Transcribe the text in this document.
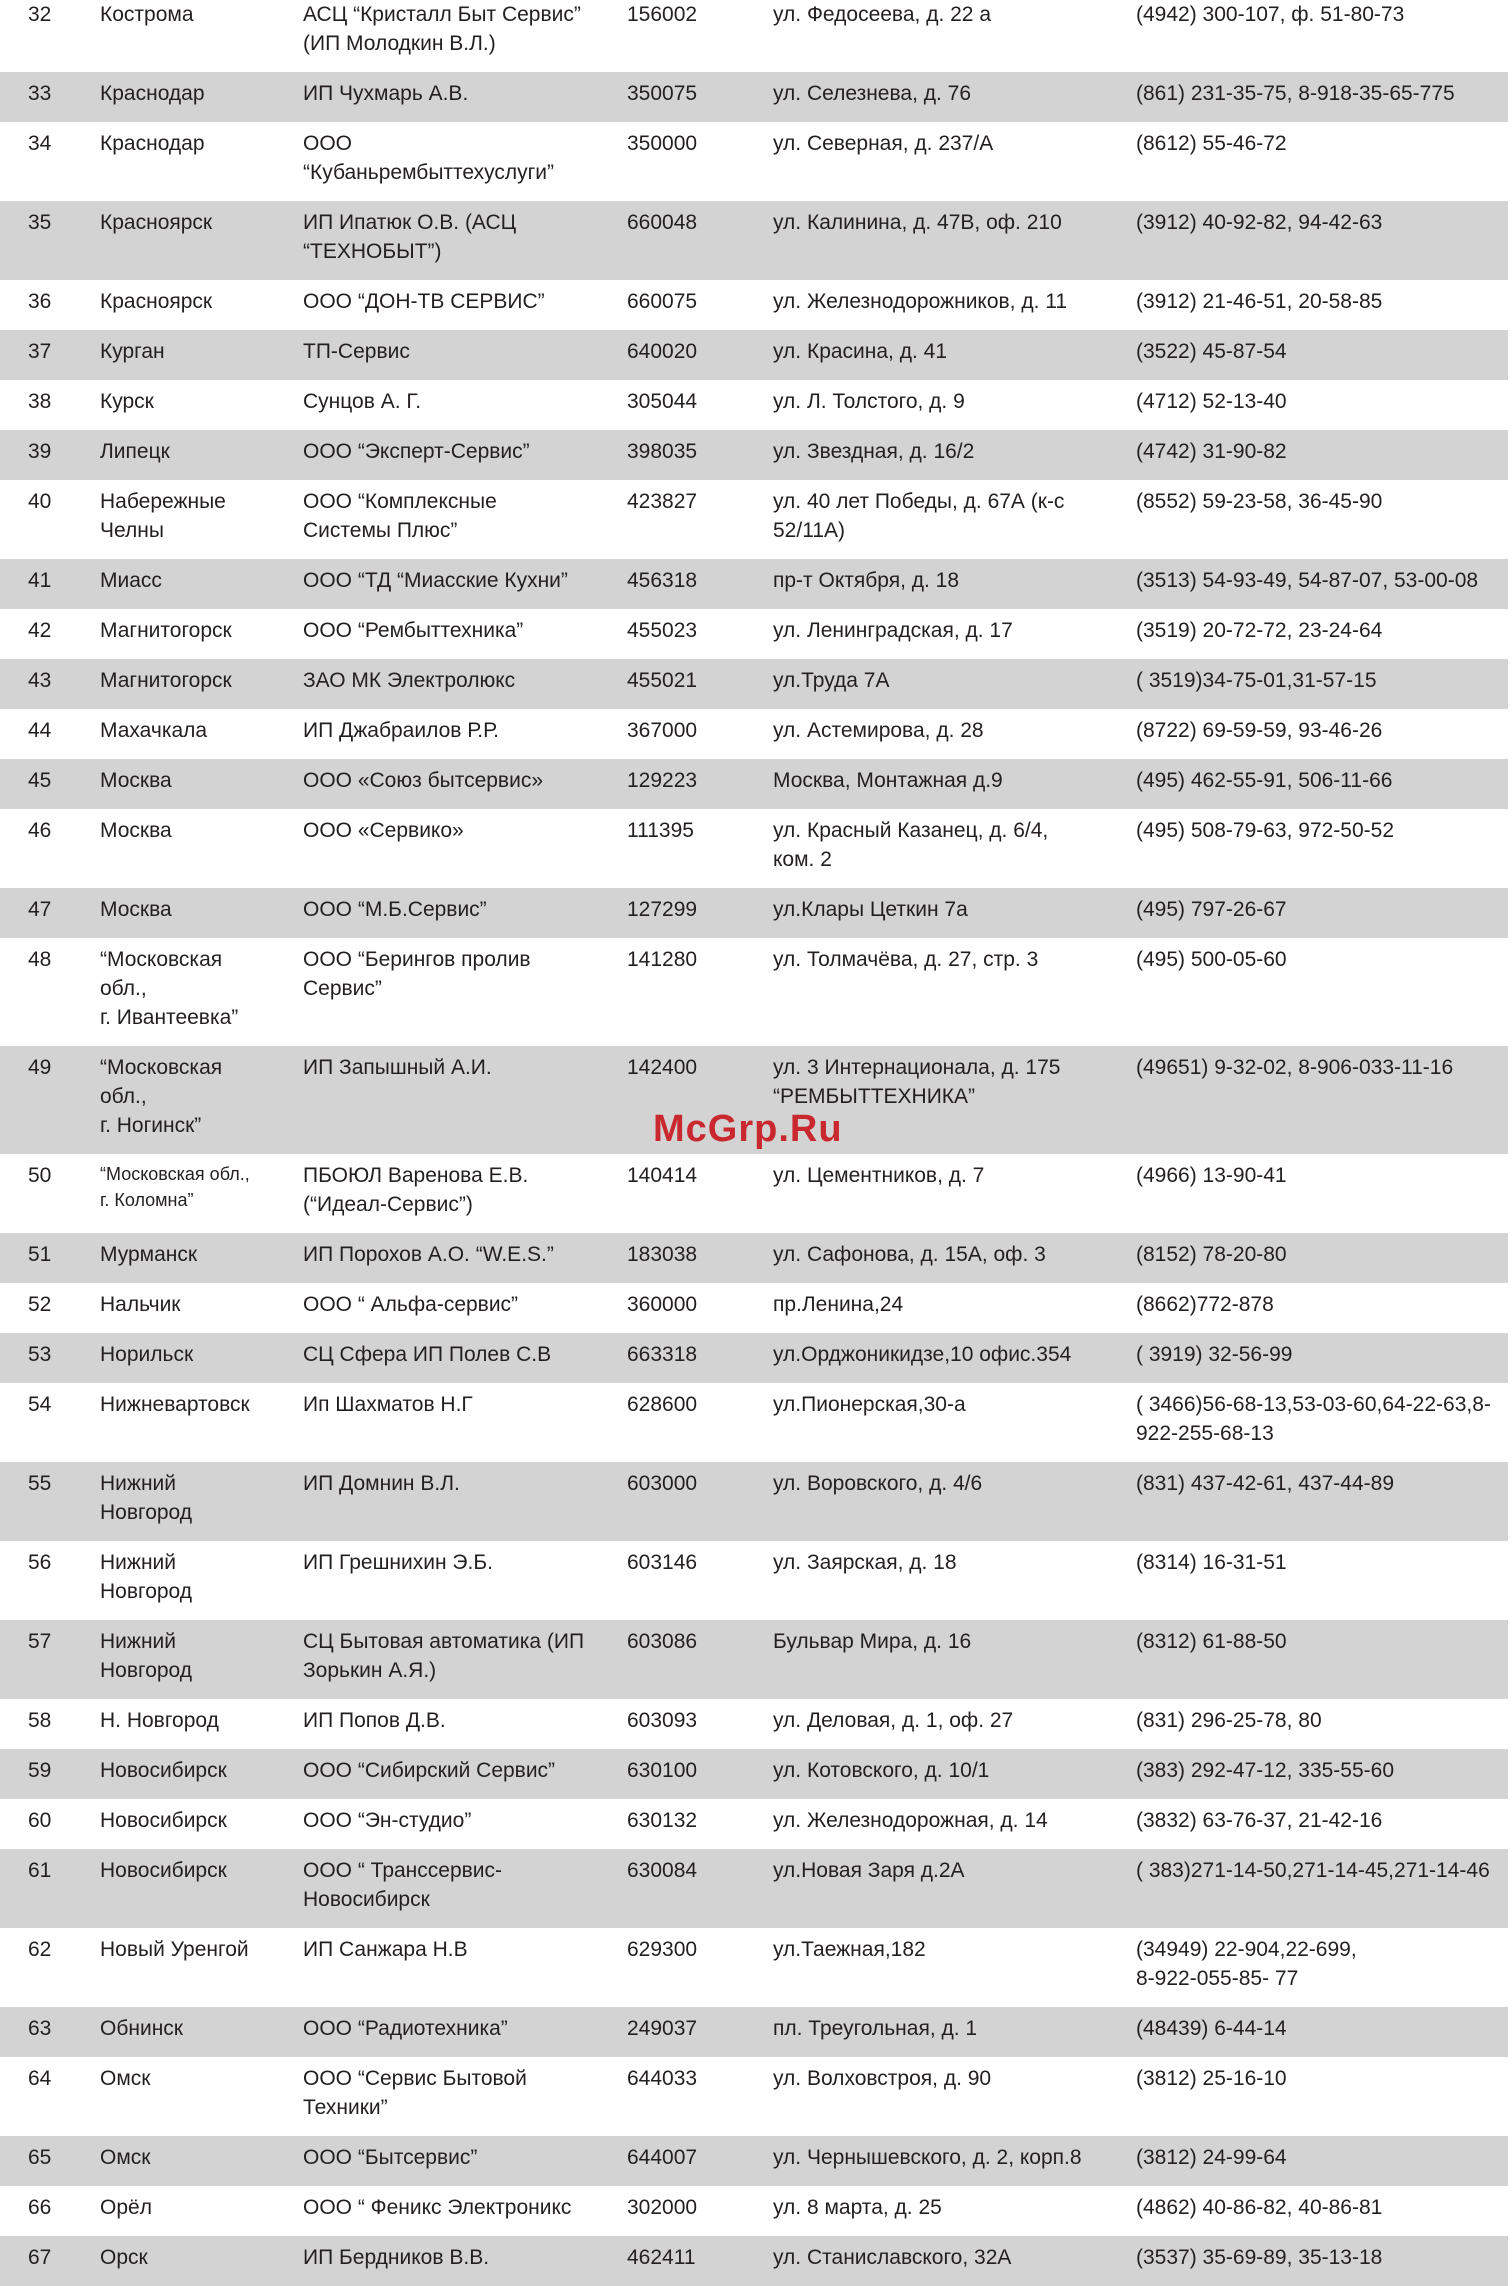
32	Кострома	АСЦ “Кристалл Быт Сервис”
(ИП Молодкин В.Л.)	156002	ул. Федосеева, д. 22 а	(4942) 300-107, ф. 51-80-73
33	Краснодар	ИП Чухмарь А.В.	350075	ул. Селезнева, д. 76	(861) 231-35-75, 8-918-35-65-775
34	Краснодар	ООО
“Кубаньрембыттехуслуги”	350000	ул. Северная, д. 237/А	(8612) 55-46-72
35	Красноярск	ИП Ипатюк О.В. (АСЦ
“ТЕХНОБЫТ”)	660048	ул. Калинина, д. 47В, оф. 210	(3912) 40-92-82, 94-42-63
36	Красноярск	ООО “ДОН-ТВ СЕРВИС”	660075	ул. Железнодорожников, д. 11	(3912) 21-46-51, 20-58-85
37	Курган	ТП-Сервис	640020	ул. Красина, д. 41	(3522) 45-87-54
38	Курск	Сунцов А. Г.	305044	ул. Л. Толстого, д. 9	(4712) 52-13-40
39	Липецк	ООО “Эксперт-Сервис”	398035	ул. Звездная, д. 16/2	(4742) 31-90-82
40	Набережные
Челны	ООО “Комплексные
Системы Плюс”	423827	ул. 40 лет Победы, д. 67А (к-с
52/11А)	(8552) 59-23-58, 36-45-90
41	Миасс	ООО “ТД “Миасские Кухни”	456318	пр-т Октября, д. 18	(3513) 54-93-49, 54-87-07, 53-00-08
42	Магнитогорск	ООО “Рембыттехника”	455023	ул. Ленинградская, д. 17	(3519) 20-72-72, 23-24-64
43	Магнитогорск	ЗАО МК Электролюкс	455021	ул.Труда 7А	( 3519)34-75-01,31-57-15
44	Махачкала	ИП Джабраилов Р.Р.	367000	ул. Астемирова, д. 28	(8722) 69-59-59, 93-46-26
45	Москва	ООО «Союз бытсервис»	129223	Москва, Монтажная д.9	(495) 462-55-91, 506-11-66
46	Москва	ООО «Сервико»	111395	ул. Красный Казанец, д. 6/4,
ком. 2	(495) 508-79-63, 972-50-52
47	Москва	ООО “М.Б.Сервис”	127299	ул.Клары Цеткин 7а	(495) 797-26-67
48	“Московская
обл.,
г. Ивантеевка”	ООО “Берингов пролив
Сервис”	141280	ул. Толмачёва, д. 27, стр. 3	(495) 500-05-60
49	“Московская
обл.,
г. Ногинск”	ИП Запышный А.И.	142400	ул. 3 Интернационала, д. 175
“РЕМБЫТТЕХНИКА”	(49651) 9-32-02, 8-906-033-11-16
50	“Московская обл.,
г. Коломна”	ПБОЮЛ Варенова Е.В.
(“Идеал-Сервис”)	140414	ул. Цементников, д. 7	(4966) 13-90-41
51	Мурманск	ИП Порохов А.О. “W.E.S.”	183038	ул. Сафонова, д. 15А, оф. 3	(8152) 78-20-80
52	Нальчик	ООО “ Альфа-сервис”	360000	пр.Ленина,24	(8662)772-878
53	Норильск	СЦ Сфера ИП Полев С.В	663318	ул.Орджоникидзе,10 офис.354	( 3919) 32-56-99
54	Нижневартовск	Ип Шахматов Н.Г	628600	ул.Пионерская,30-а	( 3466)56-68-13,53-03-60,64-22-63,8-
922-255-68-13
55	Нижний
Новгород	ИП Домнин В.Л.	603000	ул. Воровского, д. 4/6	(831) 437-42-61, 437-44-89
56	Нижний
Новгород	ИП Грешнихин Э.Б.	603146	ул. Заярская, д. 18	(8314) 16-31-51
57	Нижний
Новгород	СЦ Бытовая автоматика (ИП
Зорькин А.Я.)	603086	Бульвар Мира, д. 16	(8312) 61-88-50
58	Н. Новгород	ИП Попов Д.В.	603093	ул. Деловая, д. 1, оф. 27	(831) 296-25-78, 80
59	Новосибирск	ООО “Сибирский Сервис”	630100	ул. Котовского, д. 10/1	(383) 292-47-12, 335-55-60
60	Новосибирск	ООО “Эн-студио”	630132	ул. Железнодорожная, д. 14	(3832) 63-76-37, 21-42-16
61	Новосибирск	ООО “ Транссервис-
Новосибирск	630084	ул.Новая Заря д.2А	( 383)271-14-50,271-14-45,271-14-46
62	Новый Уренгой	ИП Санжара Н.В	629300	ул.Таежная,182	(34949) 22-904,22-699,
8-922-055-85- 77
63	Обнинск	ООО “Радиотехника”	249037	пл. Треугольная, д. 1	(48439) 6-44-14
64	Омск	ООО “Сервис Бытовой
Техники”	644033	ул. Волховстроя, д. 90	(3812) 25-16-10
65	Омск	ООО “Бытсервис”	644007	ул. Чернышевского, д. 2, корп.8	(3812) 24-99-64
66	Орёл	ООО “ Феникс Электроникс	302000	ул. 8 марта, д. 25	(4862) 40-86-82, 40-86-81
67	Орск	ИП Бердников В.В.	462411	ул. Станиславского, 32А	(3537) 35-69-89, 35-13-18
McGrp.Ru
